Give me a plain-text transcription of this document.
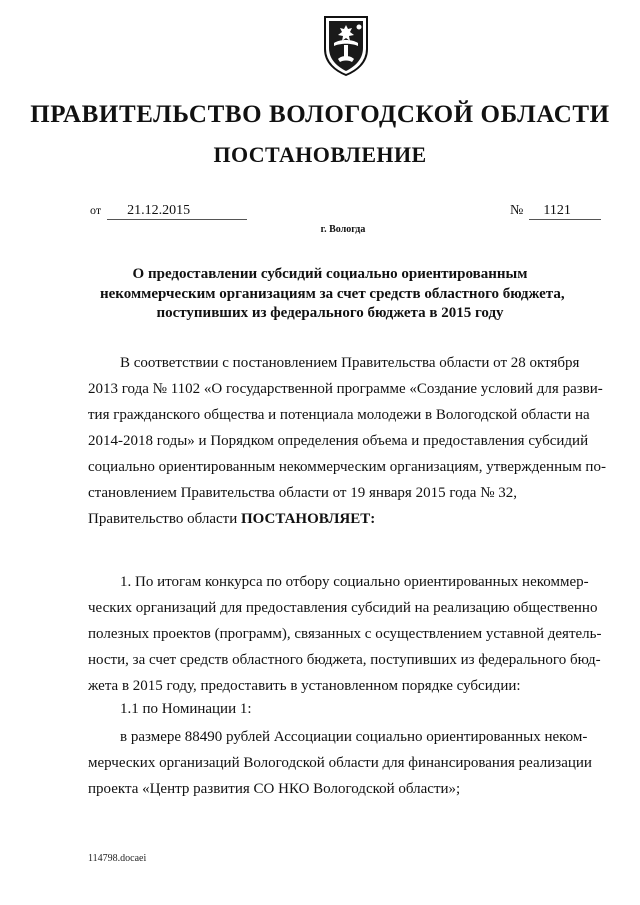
ПРАВИТЕЛЬСТВО ВОЛОГОДСКОЙ ОБЛАСТИ
ПОСТАНОВЛЕНИЕ
от 21.12.2015	№ 1121
г. Вологда
О предоставлении субсидий социально ориентированным
некоммерческим организациям за счет средств областного бюджета,
поступивших из федерального бюджета в 2015 году
В соответствии с постановлением Правительства области от 28 октября
2013 года № 1102 «О государственной программе «Создание условий для разви-
тия гражданского общества и потенциала молодежи в Вологодской области на
2014-2018 годы» и Порядком определения объема и предоставления субсидий
социально ориентированным некоммерческим организациям, утвержденным по-
становлением Правительства области от 19 января 2015 года № 32,
Правительство области ПОСТАНОВЛЯЕТ:
1. По итогам конкурса по отбору социально ориентированных некоммер-
ческих организаций для предоставления субсидий на реализацию общественно
полезных проектов (программ), связанных с осуществлением уставной деятель-
ности, за счет средств областного бюджета, поступивших из федерального бюд-
жета в 2015 году, предоставить в установленном порядке субсидии:
1.1 по Номинации 1:
в размере 88490 рублей Ассоциации социально ориентированных неком-
мерческих организаций Вологодской области для финансирования реализации
проекта «Центр развития СО НКО Вологодской области»;
114798.docaei
